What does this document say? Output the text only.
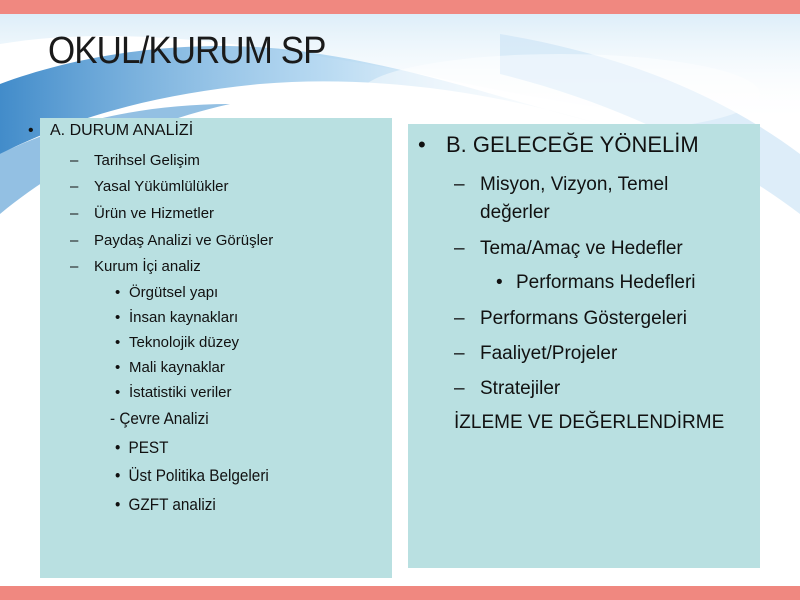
OKUL/KURUM SP
•	A. DURUM ANALİZİ
–	Tarihsel Gelişim
–	Yasal Yükümlülükler
–	Ürün ve Hizmetler
–	Paydaş Analizi ve Görüşler
–	Kurum İçi analiz
• Örgütsel yapı
• İnsan kaynakları
• Teknolojik düzey
• Mali kaynaklar
• İstatistiki veriler
- Çevre Analizi
• PEST
• Üst Politika Belgeleri
• GZFT analizi
• B. GELECEĞE YÖNELİM
– Misyon, Vizyon, Temel
değerler
– Tema/Amaç ve Hedefler
• Performans Hedefleri
– Performans Göstergeleri
– Faaliyet/Projeler
– Stratejiler
İZLEME VE DEĞERLENDİRME
